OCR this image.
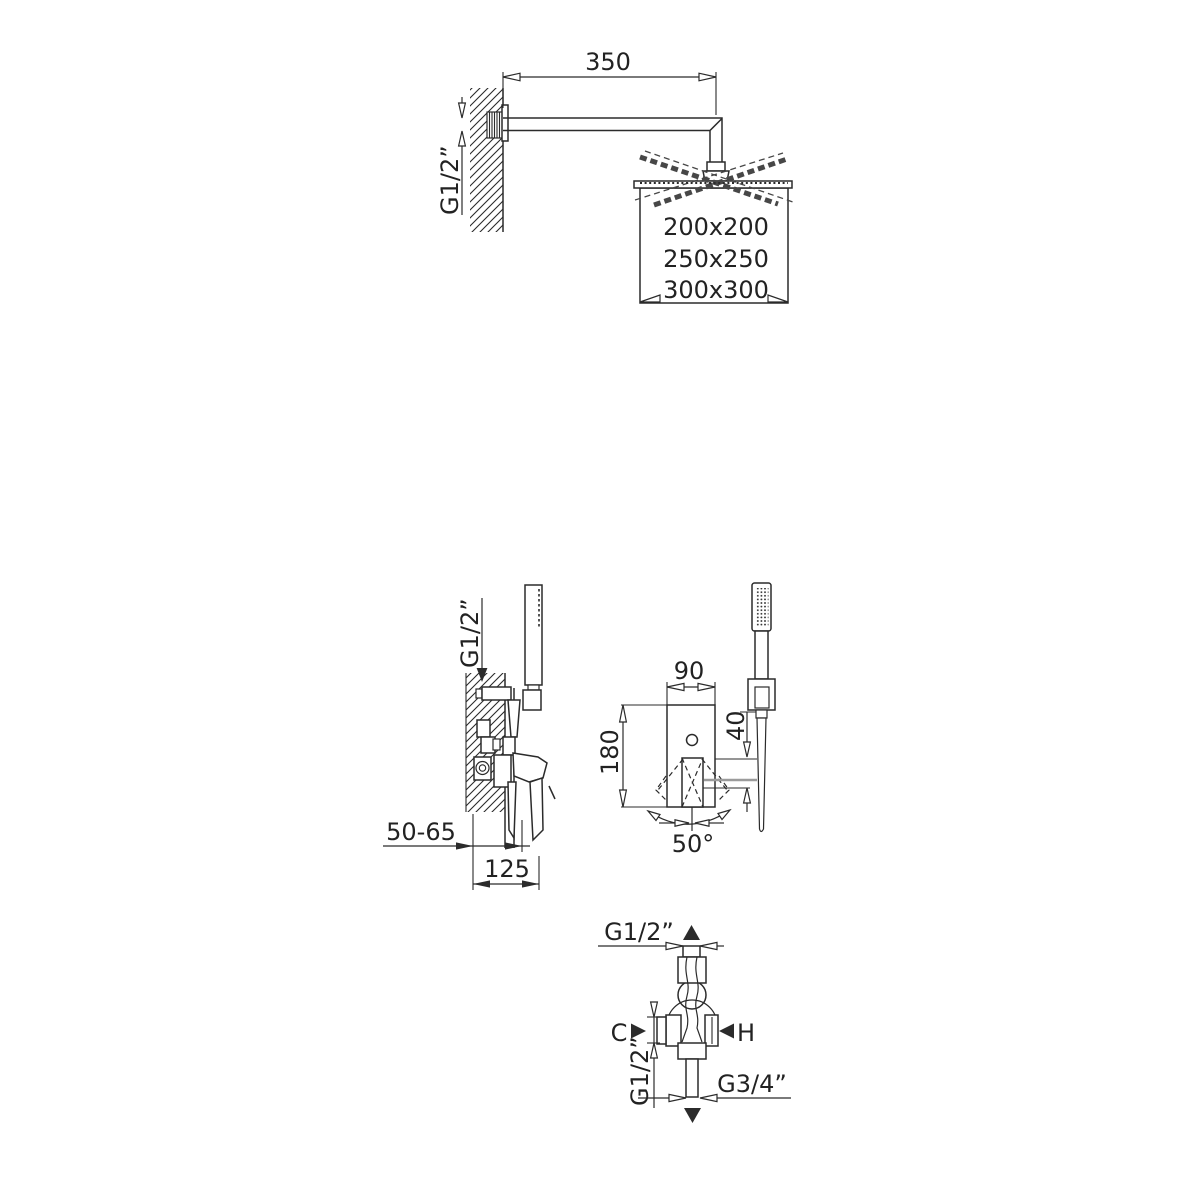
200x200
250x250
300x300
350
G1/2”
G1/2”
50-65
125
50°
90
180
40
G1/2”
C	H
G1/2”	G3/4”
